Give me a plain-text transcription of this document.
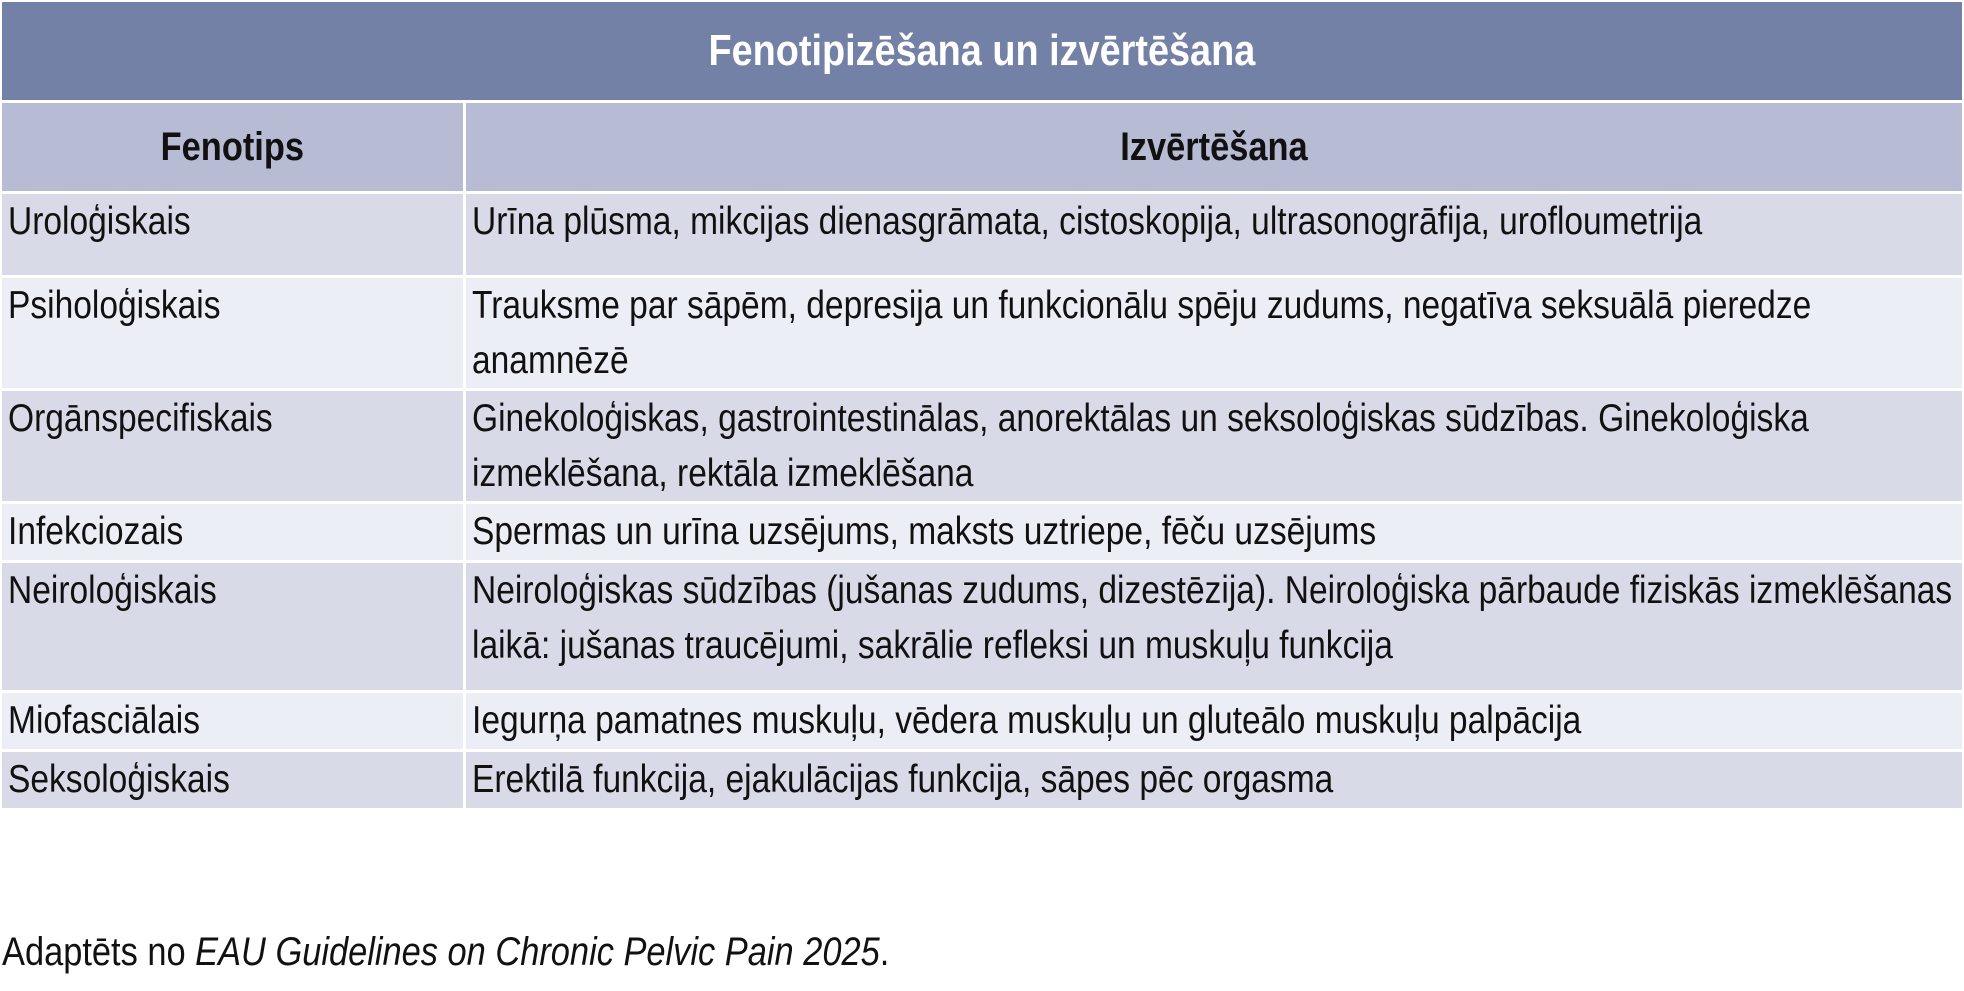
Fenotipizēšana un izvērtēšana	
Fenotips	Izvērtēšana

Uroloģiskais	Urīna plūsma, mikcijas dienasgrāmata, cistoskopija, ultrasonogrāfija, urofloumetrija

Psiholoģiskais	Trauksme par sāpēm, depresija un funkcionālu spēju zudums, negatīva seksuālā pieredze anamnēzē

Orgānspecifiskais	Ginekoloģiskas, gastrointestinālas, anorektālas un seksoloģiskas sūdzības. Ginekoloģiska izmeklēšana, rektāla izmeklēšana

Infekciozais	Spermas un urīna uzsējums, maksts uztriepe, fēču uzsējums

Neiroloģiskais	Neiroloģiskas sūdzības (jušanas zudums, dizestēzija). Neiroloģiska pārbaude fiziskās izmeklēšanas laikā: jušanas traucējumi, sakrālie refleksi un muskuļu funkcija

Miofasciālais	Iegurņa pamatnes muskuļu, vēdera muskuļu un gluteālo muskuļu palpācija

Seksoloģiskais	Erektilā funkcija, ejakulācijas funkcija, sāpes pēc orgasma
Adaptēts no EAU Guidelines on Chronic Pelvic Pain 2025.
